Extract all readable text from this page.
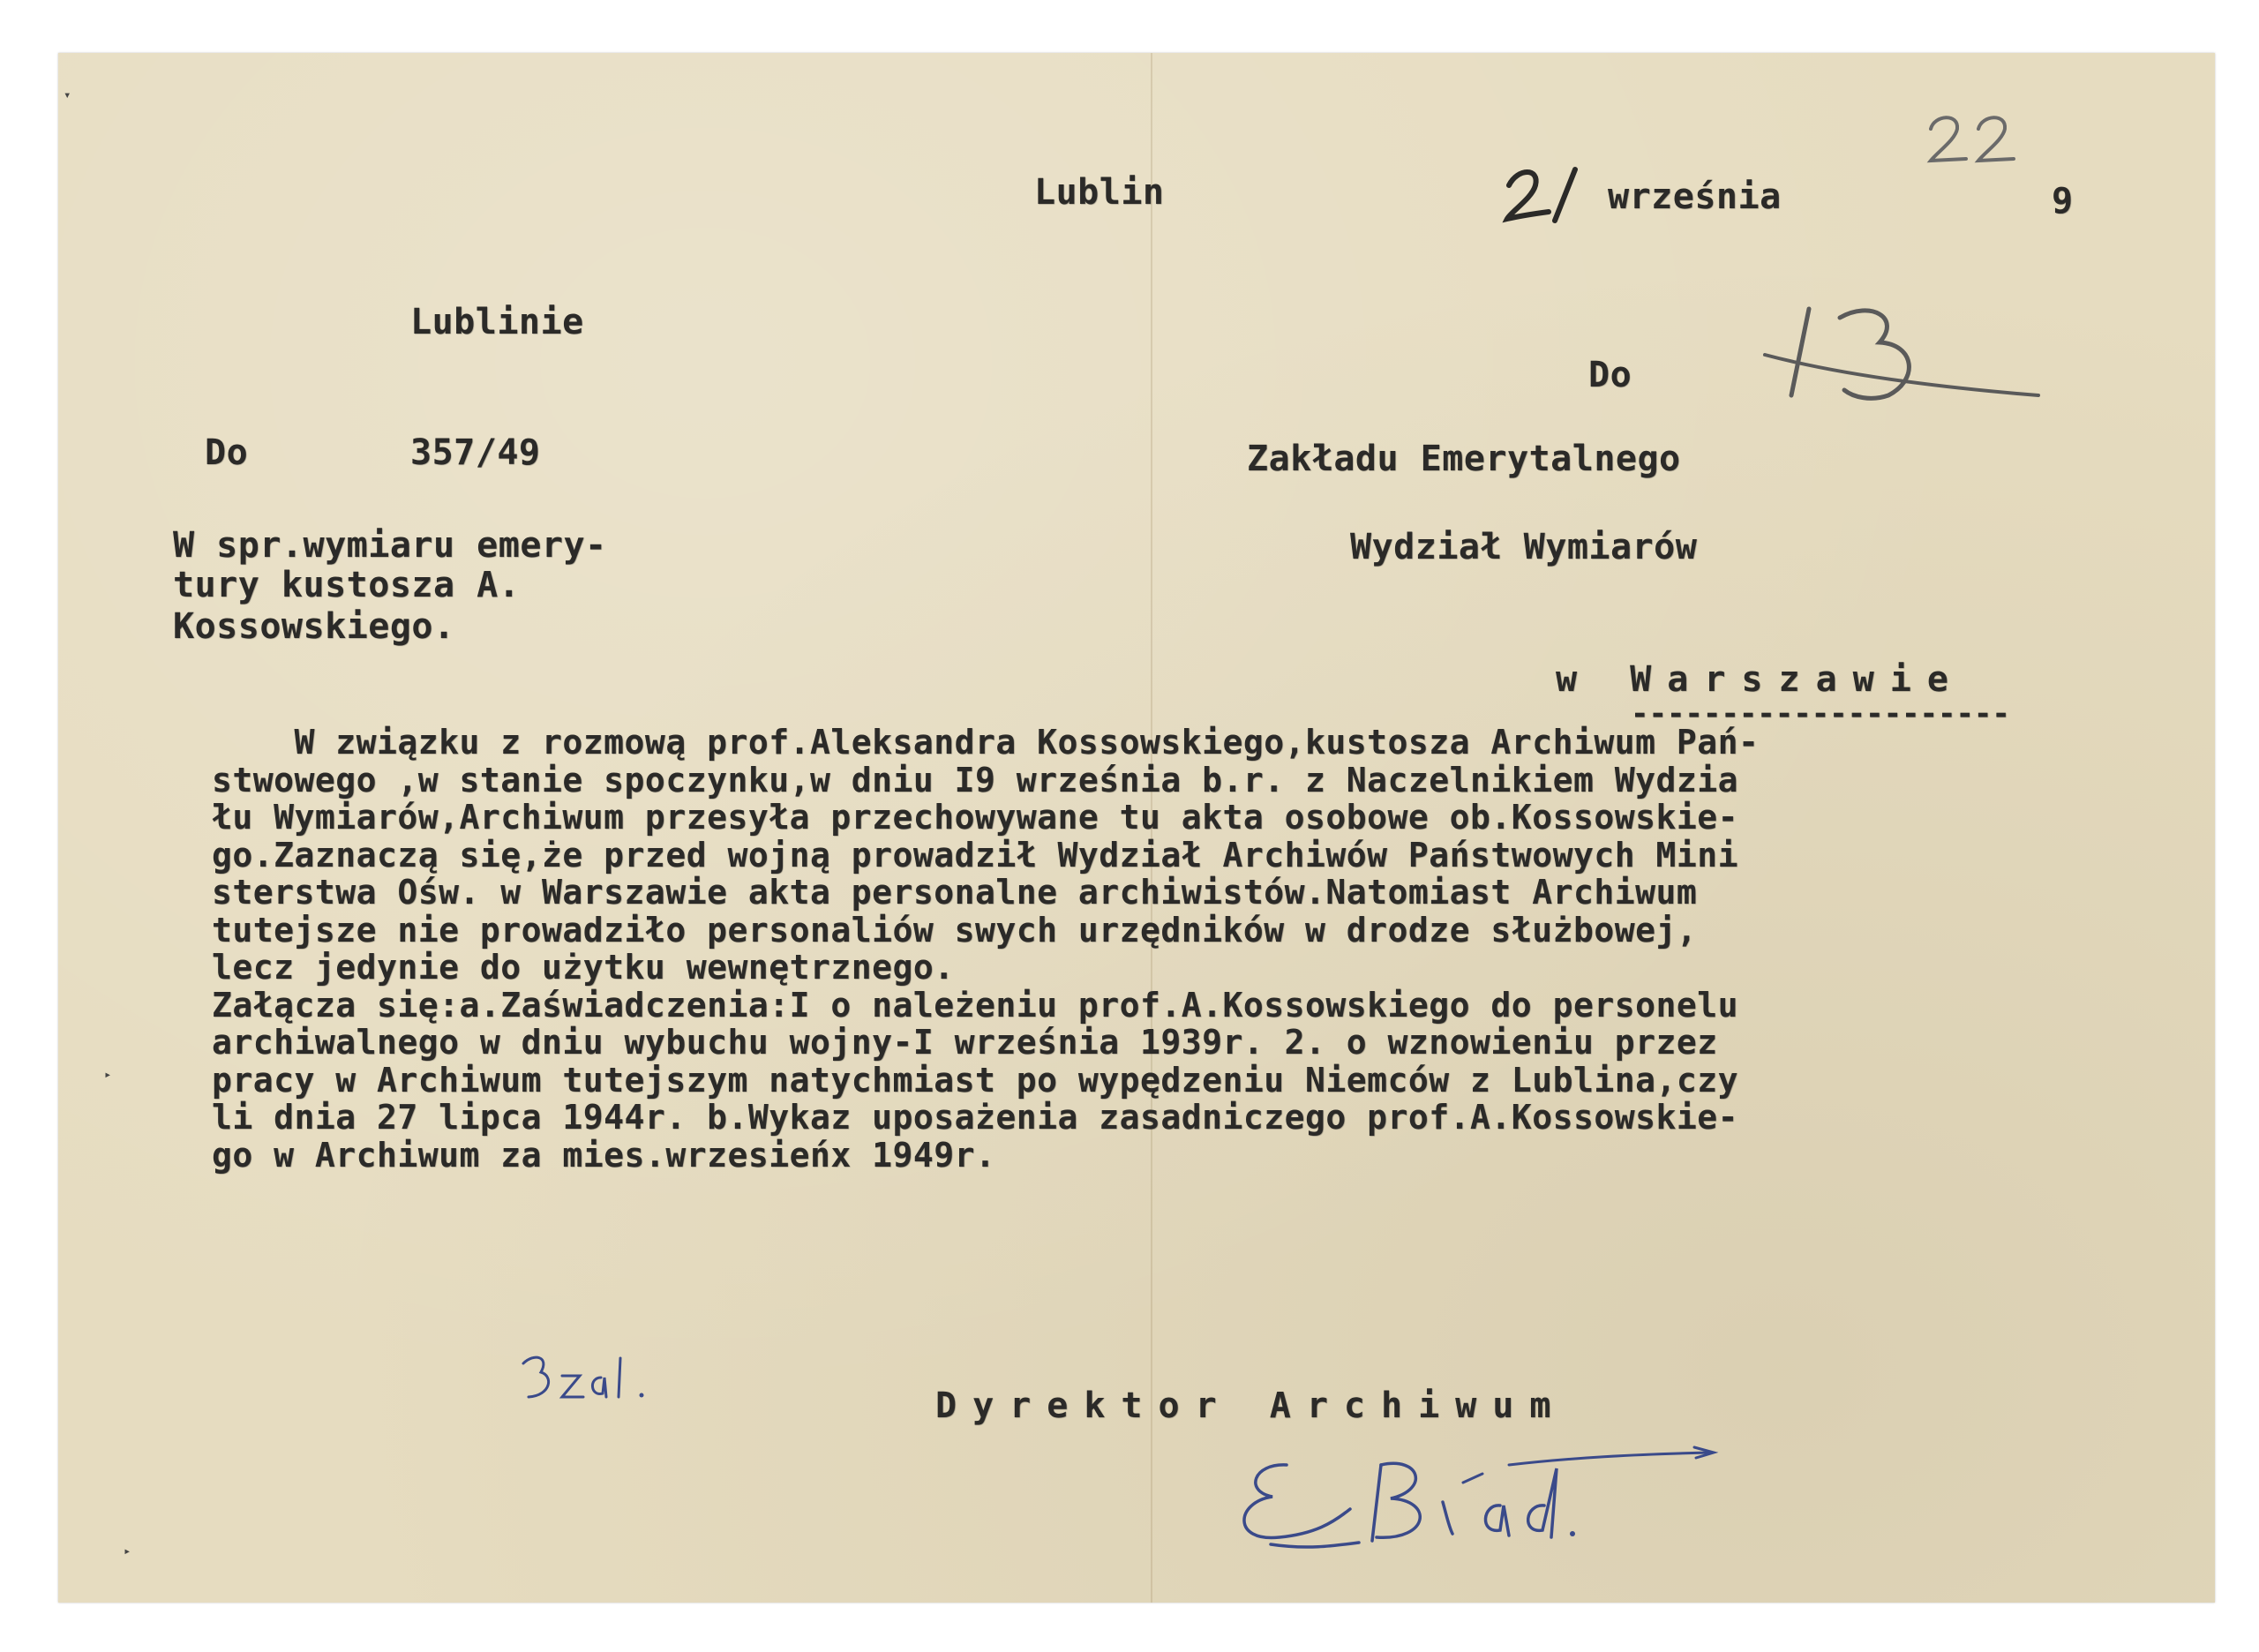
▾
▸
▸
Lublin	września	9
Lublinie
Do	357/49
Do
Zakładu Emerytalnego
Wydział Wymiarów
w Warszawie
---------------------
W spr.wymiaru emery-
tury kustosza A.
Kossowskiego.
W związku z rozmową prof.Aleksandra Kossowskiego,kustosza Archiwum Pań-
stwowego ,w stanie spoczynku,w dniu I9 września b.r. z Naczelnikiem Wydzia
łu Wymiarów,Archiwum przesyła przechowywane tu akta osobowe ob.Kossowskie-
go.Zaznaczą się,że przed wojną prowadził Wydział Archiwów Państwowych Mini
sterstwa Ośw. w Warszawie akta personalne archiwistów.Natomiast Archiwum
tutejsze nie prowadziło personaliów swych urzędników w drodze służbowej,
lecz jedynie do użytku wewnętrznego.
Załącza się:a.Zaświadczenia:I o należeniu prof.A.Kossowskiego do personelu
archiwalnego w dniu wybuchu wojny-I września 1939r. 2. o wznowieniu przez
pracy w Archiwum tutejszym natychmiast po wypędzeniu Niemców z Lublina,czy
li dnia 27 lipca 1944r. b.Wykaz uposażenia zasadniczego prof.A.Kossowskie-
go w Archiwum za mies.wrzesieńx 1949r.
Dyrektor Archiwum
